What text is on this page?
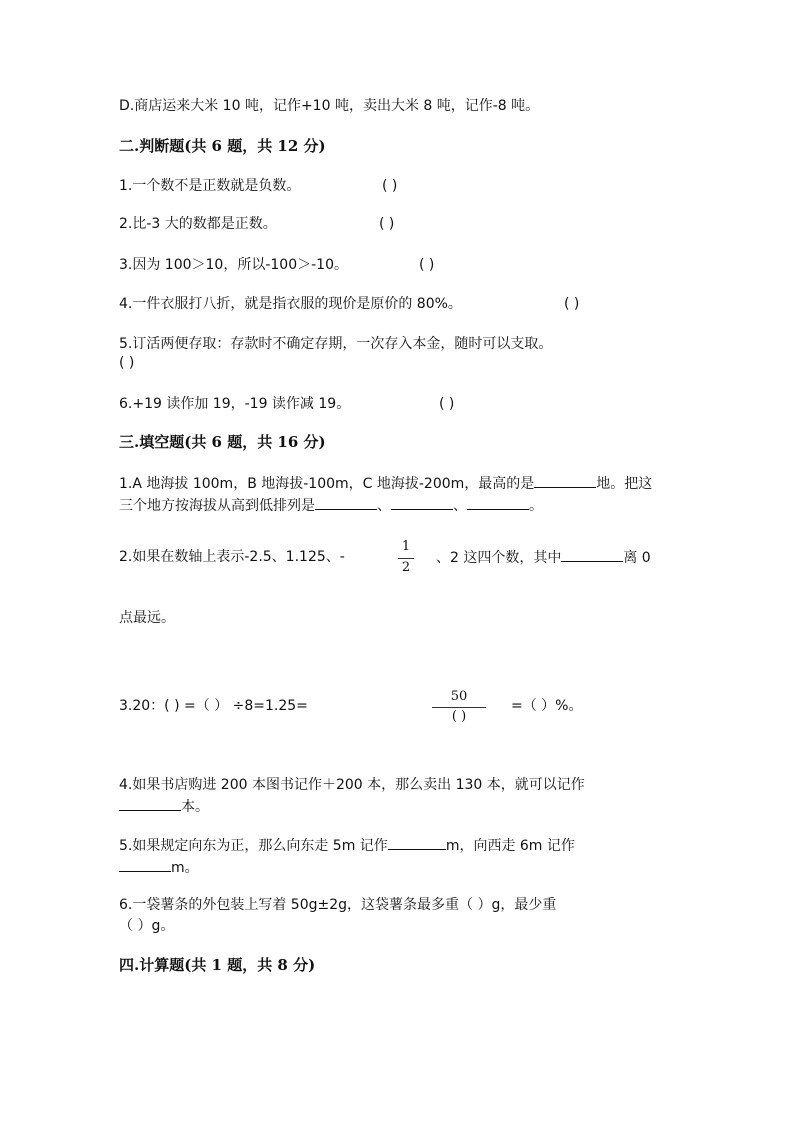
D.商店运来大米 10 吨，记作+10 吨，卖出大米 8 吨，记作-8 吨。
二.判断题(共 6 题，共 12 分)
1.一个数不是正数就是负数。	( )
2.比-3 大的数都是正数。	( )
3.因为 100＞10，所以-100＞-10。	( )
4.一件衣服打八折，就是指衣服的现价是原价的 80%。	( )
5.订活两便存取：存款时不确定存期，一次存入本金，随时可以支取。
( )
6.+19 读作加 19，-19 读作减 19。	( )
三.填空题(共 6 题，共 16 分)
1.A 地海拔 100m，B 地海拔-100m，C 地海拔-200m，最高的是	地。把这
三个地方按海拔从高到低排列是	、	、	。
2.如果在数轴上表示-2.5、1.125、-
1
2
、2 这四个数，其中	离 0
点最远。
3.20：( ) =（ ） ÷8=1.25=
50
( )
=（ ）%。
4.如果书店购进 200 本图书记作＋200 本，那么卖出 130 本，就可以记作
本。
5.如果规定向东为正，那么向东走 5m 记作	m，向西走 6m 记作
m。
6.一袋薯条的外包装上写着 50g±2g，这袋薯条最多重（ ）g，最少重
（ ）g。
四.计算题(共 1 题，共 8 分)
